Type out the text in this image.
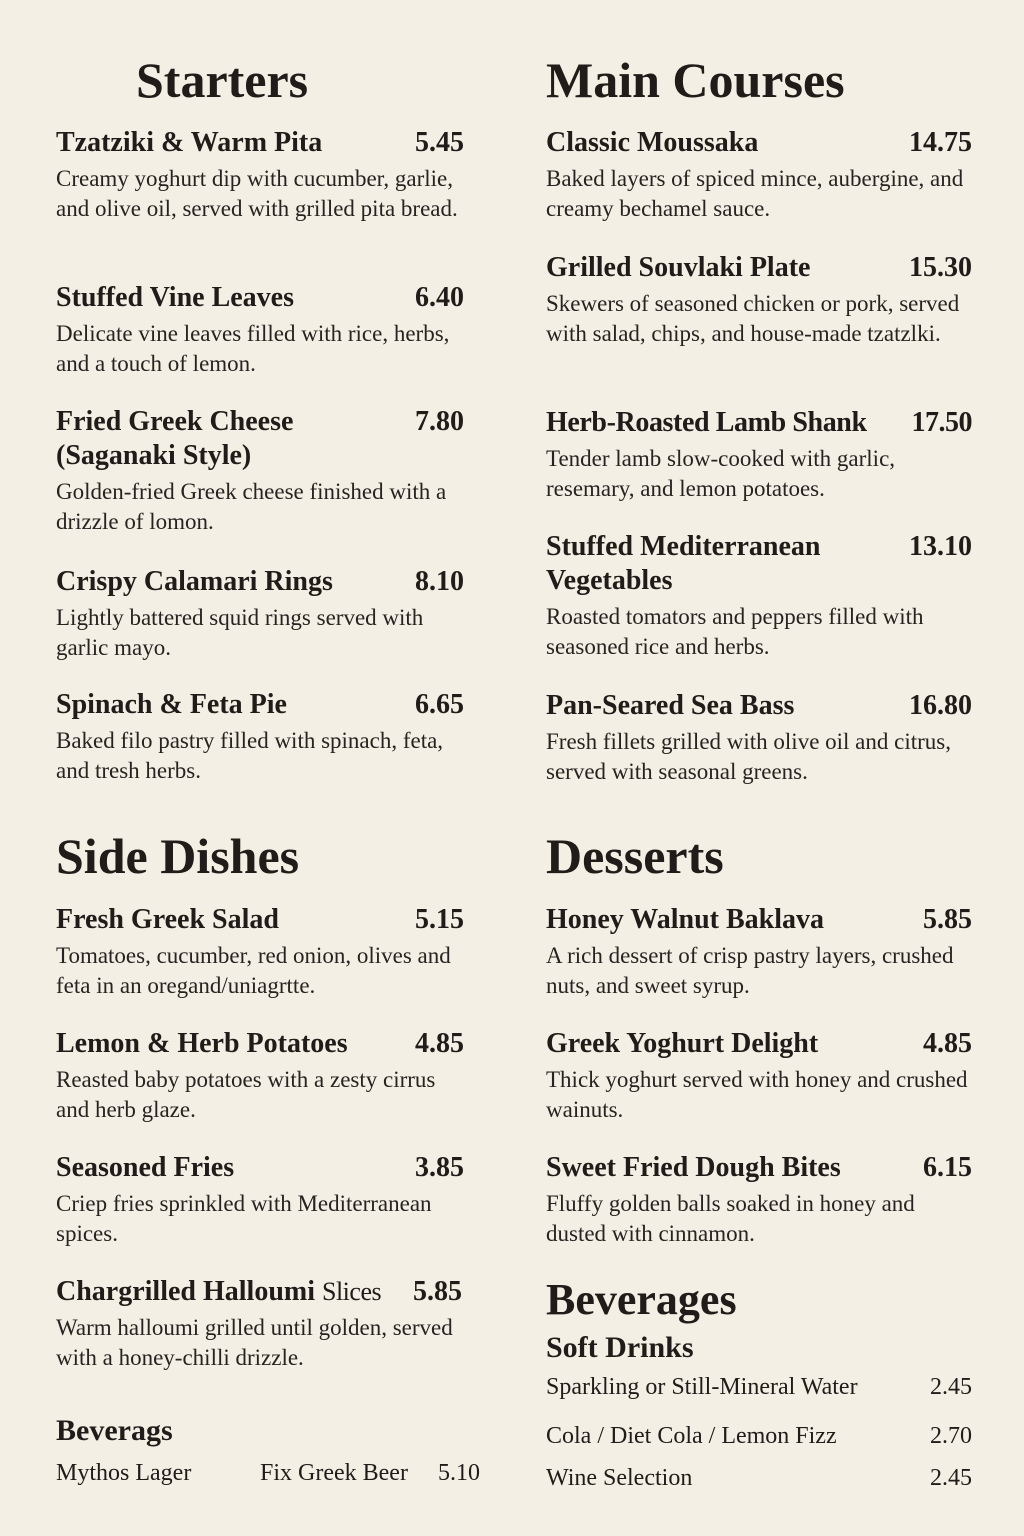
Starters
Tzatziki & Warm Pita	5.45
Creamy yoghurt dip with cucumber, garlie, and olive oil, served with grilled pita bread.
Stuffed Vine Leaves	6.40
Delicate vine leaves filled with rice, herbs, and a touch of lemon.
Fried Greek Cheese (Saganaki Style)
7.80
Golden-fried Greek cheese finished with a drizzle of lomon.
Crispy Calamari Rings	8.10
Lightly battered squid rings served with garlic mayo.
Spinach & Feta Pie	6.65
Baked filo pastry filled with spinach, feta, and tresh herbs.
Side Dishes
Fresh Greek Salad	5.15
Tomatoes, cucumber, red onion, olives and feta in an oregand/uniagrtte.
Lemon & Herb Potatoes	4.85
Reasted baby potatoes with a zesty cirrus and herb glaze.
Seasoned Fries	3.85
Criep fries sprinkled with Mediterranean spices.
Chargrilled Halloumi Slices	5.85
Warm halloumi grilled until golden, served with a honey-chilli drizzle.
Beverags
Mythos Lager	Fix Greek Beer 5.10
Main Courses
Classic Moussaka	14.75
Baked layers of spiced mince, aubergine, and creamy bechamel sauce.
Grilled Souvlaki Plate	15.30
Skewers of seasoned chicken or pork, served with salad, chips, and house-made tzatzlki.
Herb-Roasted Lamb Shank	17.50
Tender lamb slow-cooked with garlic, resemary, and lemon potatoes.
Stuffed Mediterranean Vegetables
13.10
Roasted tomators and peppers filled with seasoned rice and herbs.
Pan-Seared Sea Bass	16.80
Fresh fillets grilled with olive oil and citrus, served with seasonal greens.
Desserts
Honey Walnut Baklava	5.85
A rich dessert of crisp pastry layers, crushed nuts, and sweet syrup.
Greek Yoghurt Delight	4.85
Thick yoghurt served with honey and crushed wainuts.
Sweet Fried Dough Bites	6.15
Fluffy golden balls soaked in honey and dusted with cinnamon.
Beverages
Soft Drinks
Sparkling or Still-Mineral Water	2.45
Cola / Diet Cola / Lemon Fizz	2.70
Wine Selection	2.45
